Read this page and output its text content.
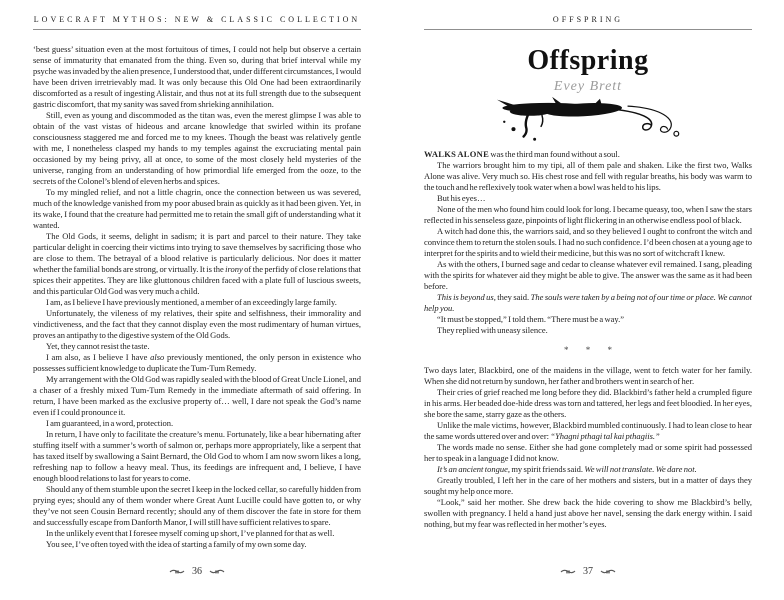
LOVECRAFT MYTHOS: NEW & CLASSIC COLLECTION

‘best guess’ situation even at the most fortuitous of times, I could not help but observe a certain sense of immaturity that emanated from the thing. Even so, during that brief interval while my psyche was invaded by the alien presence, I understood that, under different circumstances, I would have been driven irretrievably mad. It was only because this Old One had been extraordinarily discomforted as a result of ingesting Alistair, and thus not at its full strength due to the subsequent gastric discomfort, that my sanity was saved from shrieking annihilation.

Still, even as young and discommoded as the titan was, even the merest glimpse I was able to obtain of the vast vistas of hideous and arcane knowledge that swirled within its profane consciousness staggered me and forced me to my knees. Though the beast was relatively gentle with me, I nonetheless clasped my hands to my temples against the excruciating mental pain occasioned by my being privy, all at once, to some of the most closely held mysteries of the universe, ranging from an understanding of how primordial life emerged from the ooze, to the secrets of the Colonel’s blend of eleven herbs and spices.

To my mingled relief, and not a little chagrin, once the connection between us was severed, much of the knowledge vanished from my poor abused brain as quickly as it had been given. Yet, in its wake, I found that the creature had permitted me to retain the small gift of understanding what it wanted.

The Old Gods, it seems, delight in sadism; it is part and parcel to their nature. They take particular delight in coercing their victims into trying to save themselves by sacrificing those who are close to them. The betrayal of a blood relative is particularly delicious. Nor does it matter whether the familial bonds are strong, or virtually. It is the irony of the perfidy of close relations that spices their appetites. They are like gluttonous children faced with a plate full of luscious sweets, and this particular Old God was very much a child.

I am, as I believe I have previously mentioned, a member of an exceedingly large family.

Unfortunately, the vileness of my relatives, their spite and selfishness, their immorality and vindictiveness, and the fact that they cannot display even the most rudimentary of human virtues, proves an antipathy to the digestive system of the Old Gods.

Yet, they cannot resist the taste.

I am also, as I believe I have also previously mentioned, the only person in existence who possesses sufficient knowledge to duplicate the Tum-Tum Remedy.

My arrangement with the Old God was rapidly sealed with the blood of Great Uncle Lionel, and a chaser of a freshly mixed Tum-Tum Remedy in the immediate aftermath of said offering. In return, I have been marked as the exclusive property of… well, I dare not speak the God’s name even if I could pronounce it.

I am guaranteed, in a word, protection.

In return, I have only to facilitate the creature’s menu. Fortunately, like a bear hibernating after stuffing itself with a summer’s worth of salmon or, perhaps more appropriately, like a serpent that has taxed itself by swallowing a Saint Bernard, the Old God to whom I am now sworn likes a long, refreshing nap to follow a heavy meal. Thus, its feedings are infrequent and, I believe, I have enough blood relations to last for years to come.

Should any of them stumble upon the secret I keep in the locked cellar, so carefully hidden from prying eyes; should any of them wonder where Great Aunt Lucille could have gotten to, or why they’ve not seen Cousin Bernard recently; should any of them discover the fate in store for them and successfully escape from Danforth Manor, I will still have sufficient relatives to spare.

In the unlikely event that I foresee myself coming up short, I’ve planned for that as well.

You see, I’ve often toyed with the idea of starting a family of my own some day.

36
OFFSPRING
Offspring
Evey Brett

WALKS ALONE was the third man found without a soul.

The warriors brought him to my tipi, all of them pale and shaken. Like the first two, Walks Alone was alive. Very much so. His chest rose and fell with regular breaths, his body was warm to the touch and he reflexively took water when a bowl was held to his lips.

But his eyes…

None of the men who found him could look for long. I became queasy, too, when I saw the stars reflected in his senseless gaze, pinpoints of light flickering in an otherwise endless pool of black.

A witch had done this, the warriors said, and so they believed I ought to confront the witch and convince them to return the stolen souls. I had no such confidence. I’d been chosen at a young age to interpret for the spirits and to wield their medicine, but this was no sort of witchcraft I knew.

As with the others, I burned sage and cedar to cleanse whatever evil remained. I sang, pleading with the spirits for whatever aid they might be able to give. The answer was the same as it had been before.

This is beyond us, they said. The souls were taken by a being not of our time or place. We cannot help you.

“It must be stopped,” I told them. “There must be a way.”

They replied with uneasy silence.

* * *

Two days later, Blackbird, one of the maidens in the village, went to fetch water for her family. When she did not return by sundown, her father and brothers went in search of her.

Their cries of grief reached me long before they did. Blackbird’s father held a crumpled figure in his arms. Her beaded doe-hide dress was torn and tattered, her legs and feet bloodied. In her eyes, she bore the same, starry gaze as the others.

Unlike the male victims, however, Blackbird mumbled continuously. I had to lean close to hear the same words uttered over and over: “Yhagni pthagi tal kai pthagiis.”

The words made no sense. Either she had gone completely mad or some spirit had possessed her to speak in a language I did not know.

It’s an ancient tongue, my spirit friends said. We will not translate. We dare not.

Greatly troubled, I left her in the care of her mothers and sisters, but in a matter of days they sought my help once more.

“Look,” said her mother. She drew back the hide covering to show me Blackbird’s belly, swollen with pregnancy. I held a hand just above her navel, sensing the dark energy within. I said nothing, but my fear was reflected in her mother’s eyes.

37
